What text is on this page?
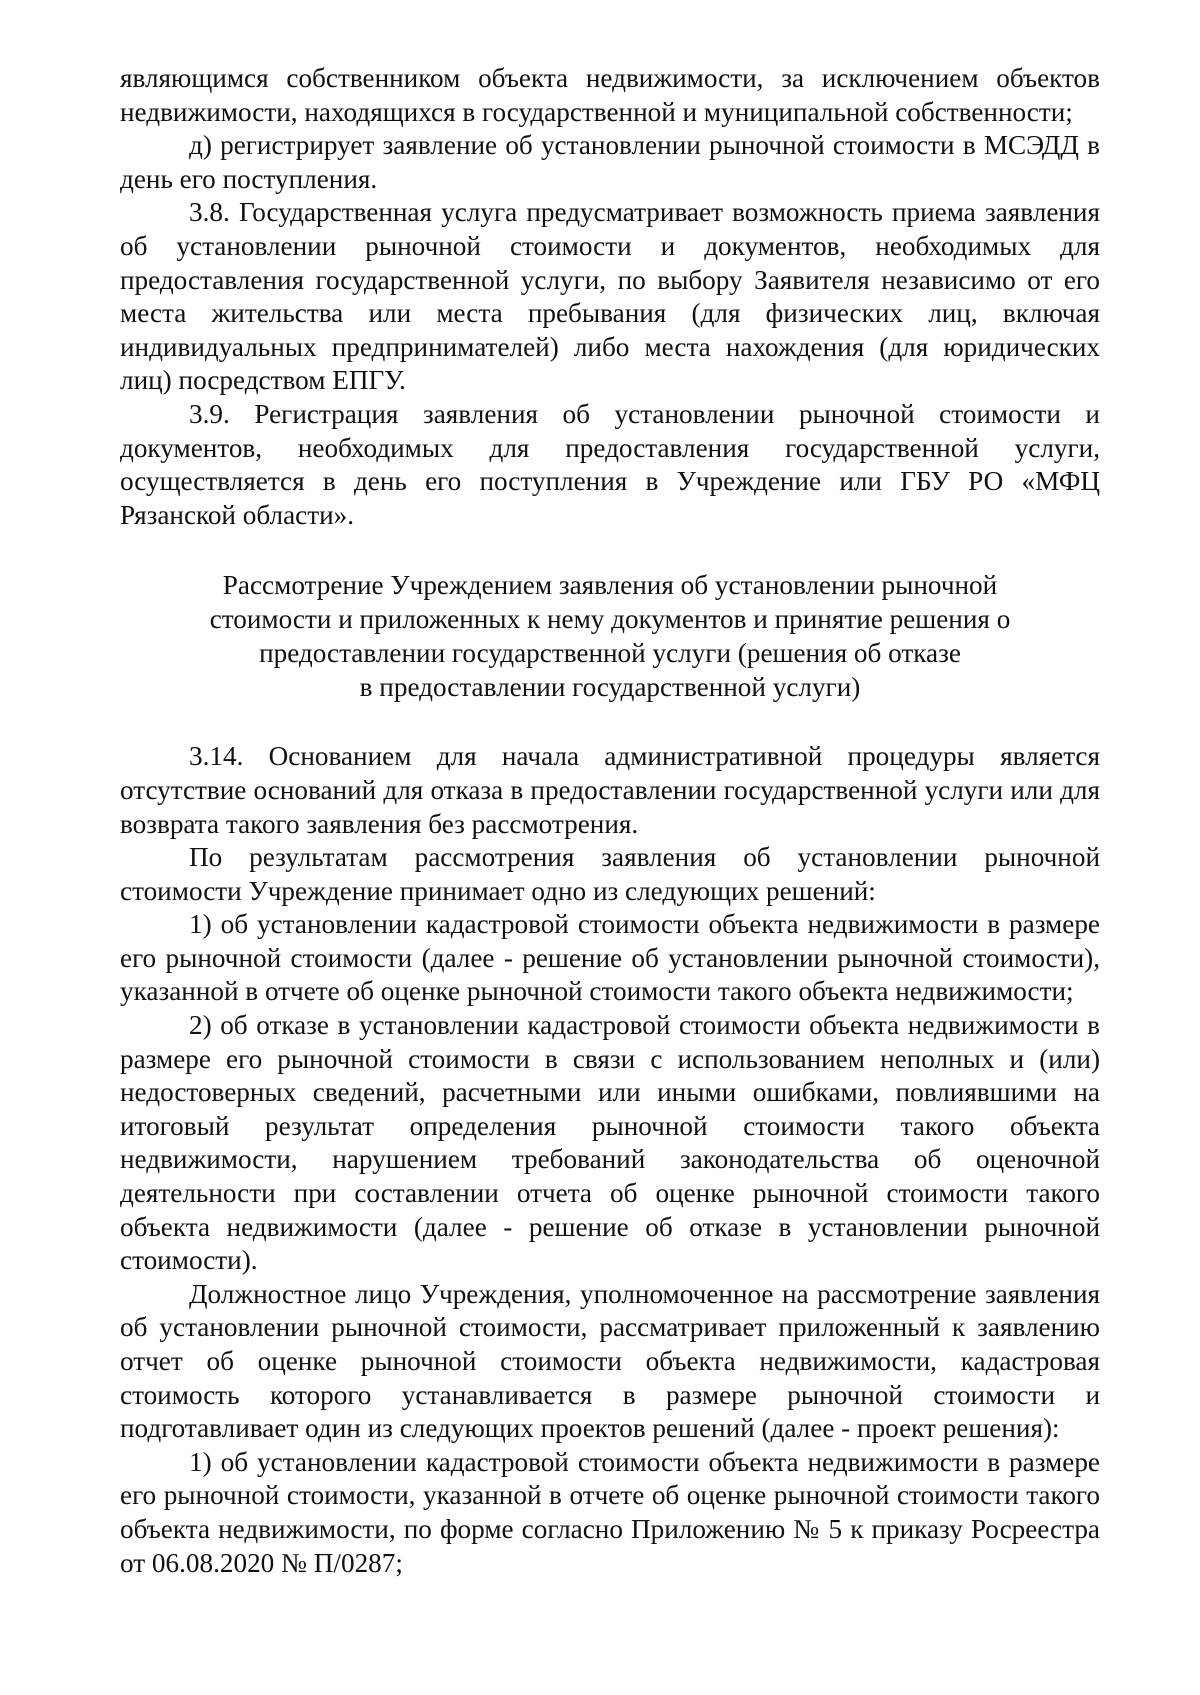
являющимся собственником объекта недвижимости, за исключением объектов недвижимости, находящихся в государственной и муниципальной собственности;

д) регистрирует заявление об установлении рыночной стоимости в МСЭДД в день его поступления.

3.8. Государственная услуга предусматривает возможность приема заявления об установлении рыночной стоимости и документов, необходимых для предоставления государственной услуги, по выбору Заявителя независимо от его места жительства или места пребывания (для физических лиц, включая индивидуальных предпринимателей) либо места нахождения (для юридических лиц) посредством ЕПГУ.

3.9. Регистрация заявления об установлении рыночной стоимости и документов, необходимых для предоставления государственной услуги, осуществляется в день его поступления в Учреждение или ГБУ РО «МФЦ Рязанской области».

Рассмотрение Учреждением заявления об установлении рыночной
стоимости и приложенных к нему документов и принятие решения о
предоставлении государственной услуги (решения об отказе
в предоставлении государственной услуги)

3.14. Основанием для начала административной процедуры является отсутствие оснований для отказа в предоставлении государственной услуги или для возврата такого заявления без рассмотрения.

По результатам рассмотрения заявления об установлении рыночной стоимости Учреждение принимает одно из следующих решений:

1) об установлении кадастровой стоимости объекта недвижимости в размере его рыночной стоимости (далее - решение об установлении рыночной стоимости), указанной в отчете об оценке рыночной стоимости такого объекта недвижимости;

2) об отказе в установлении кадастровой стоимости объекта недвижимости в размере его рыночной стоимости в связи с использованием неполных и (или) недостоверных сведений, расчетными или иными ошибками, повлиявшими на итоговый результат определения рыночной стоимости такого объекта недвижимости, нарушением требований законодательства об оценочной деятельности при составлении отчета об оценке рыночной стоимости такого объекта недвижимости (далее - решение об отказе в установлении рыночной стоимости).

Должностное лицо Учреждения, уполномоченное на рассмотрение заявления об установлении рыночной стоимости, рассматривает приложенный к заявлению отчет об оценке рыночной стоимости объекта недвижимости, кадастровая стоимость которого устанавливается в размере рыночной стоимости и подготавливает один из следующих проектов решений (далее - проект решения):

1) об установлении кадастровой стоимости объекта недвижимости в размере его рыночной стоимости, указанной в отчете об оценке рыночной стоимости такого объекта недвижимости, по форме согласно Приложению № 5 к приказу Росреестра от 06.08.2020 № П/0287;
